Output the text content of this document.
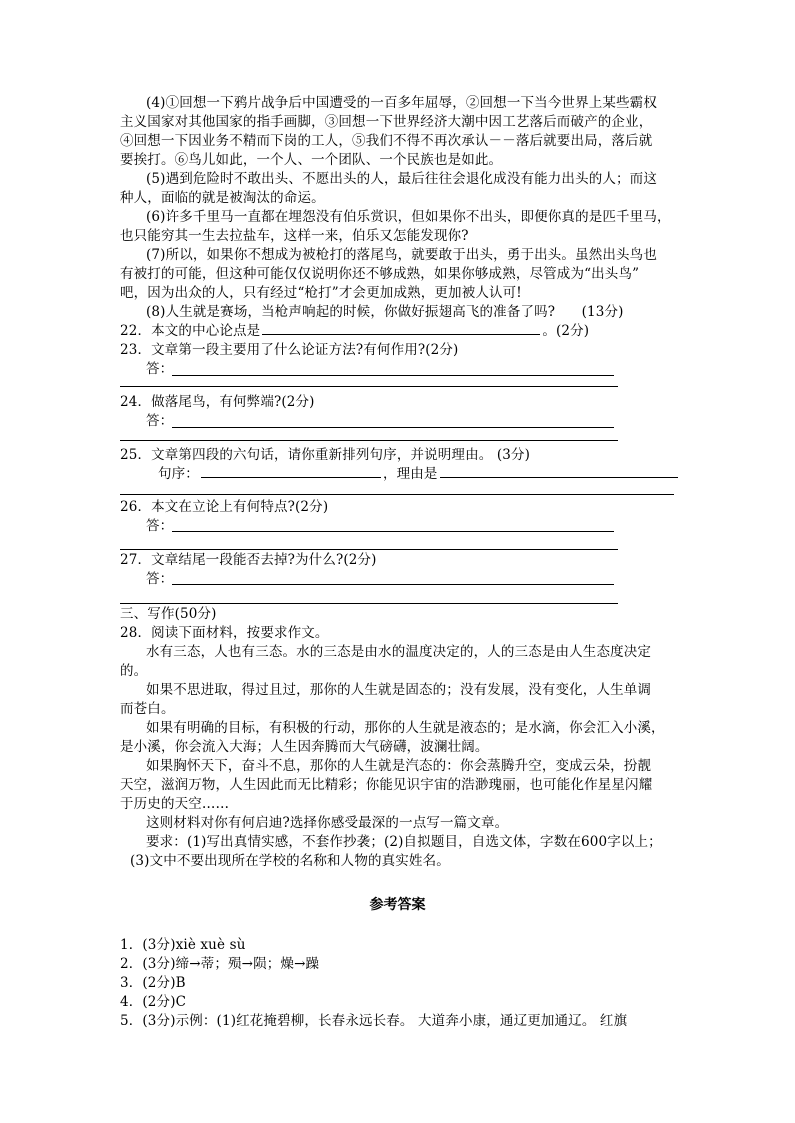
(4)①回想一下鸦片战争后中国遭受的一百多年屈辱，②回想一下当今世界上某些霸权
主义国家对其他国家的指手画脚，③回想一下世界经济大潮中因工艺落后而破产的企业，
④回想一下因业务不精而下岗的工人，⑤我们不得不再次承认－－落后就要出局，落后就
要挨打。⑥鸟儿如此，一个人、一个团队、一个民族也是如此。
(5)遇到危险时不敢出头、不愿出头的人，最后往往会退化成没有能力出头的人；而这
种人，面临的就是被淘汰的命运。
(6)许多千里马一直都在埋怨没有伯乐赏识，但如果你不出头，即便你真的是匹千里马，
也只能穷其一生去拉盐车，这样一来，伯乐又怎能发现你?
(7)所以，如果你不想成为被枪打的落尾鸟，就要敢于出头，勇于出头。虽然出头鸟也
有被打的可能，但这种可能仅仅说明你还不够成熟，如果你够成熟，尽管成为“出头鸟”
吧，因为出众的人，只有经过“枪打”才会更加成熟，更加被人认可!
(8)人生就是赛场，当枪声响起的时候，你做好振翅高飞的准备了吗? (13分)
22．本文的中心论点是	。(2分)
23．文章第一段主要用了什么论证方法?有何作用?(2分)
答：
24．做落尾鸟，有何弊端?(2分)
答：
25．文章第四段的六句话，请你重新排列句序，并说明理由。 (3分)
句序：	，理由是
26．本文在立论上有何特点?(2分)
答：
27．文章结尾一段能否去掉?为什么?(2分)
答：
三、写作(50分)
28．阅读下面材料，按要求作文。
水有三态，人也有三态。水的三态是由水的温度决定的，人的三态是由人生态度决定
的。
如果不思进取，得过且过，那你的人生就是固态的；没有发展，没有变化，人生单调
而苍白。
如果有明确的目标，有积极的行动，那你的人生就是液态的；是水滴，你会汇入小溪，
是小溪，你会流入大海；人生因奔腾而大气磅礴，波澜壮阔。
如果胸怀天下，奋斗不息，那你的人生就是汽态的：你会蒸腾升空，变成云朵，扮靓
天空，滋润万物，人生因此而无比精彩；你能见识宇宙的浩渺瑰丽，也可能化作星星闪耀
于历史的天空……
这则材料对你有何启迪?选择你感受最深的一点写一篇文章。
要求：(1)写出真情实感，不套作抄袭；(2)自拟题目，自选文体，字数在600字以上；
(3)文中不要出现所在学校的名称和人物的真实姓名。
参考答案
1．(3分)xiè xuè sù
2．(3分)缔→蒂；殒→陨；燥→躁
3．(2分)B
4．(2分)C
5．(3分)示例：(1)红花掩碧柳，长春永远长春。 大道奔小康，通辽更加通辽。 红旗
